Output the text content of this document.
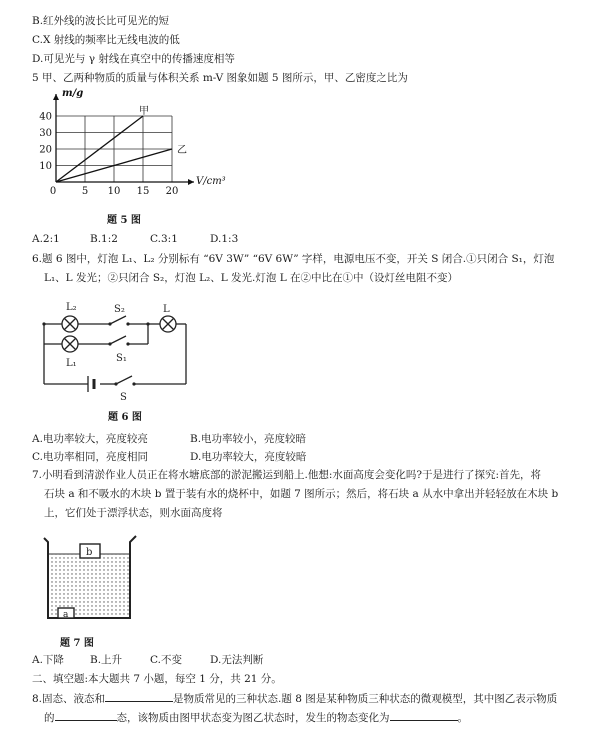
B.红外线的波长比可见光的短
C.X 射线的频率比无线电波的低
D.可见光与 γ 射线在真空中的传播速度相等
5 甲、乙两种物质的质量与体积关系 m-V 图象如题 5 图所示，甲、乙密度之比为
甲
乙
5 10 15 20
10
20
30
40
0
m/g
V/cm³
题 5 图
A.2:1	B.1:2	C.3:1	D.1:3
6.题 6 图中，灯泡 L₁、L₂ 分别标有 “6V 3W” “6V 6W” 字样，电源电压不变，开关 S 闭合.①只闭合 S₁，灯泡
L₁、L 发光；②只闭合 S₂，灯泡 L₂、L 发光.灯泡 L 在②中比在①中（设灯丝电阻不变）
L₂	S₂	L
L₁	S₁
S
题 6 图
A.电功率较大，亮度较亮	B.电功率较小，亮度较暗
C.电功率相同，亮度相同	D.电功率较大，亮度较暗
7.小明看到清淤作业人员正在将水塘底部的淤泥搬运到船上.他想:水面高度会变化吗?于是进行了探究:首先，将
石块 a 和不吸水的木块 b 置于装有水的烧杯中，如题 7 图所示；然后，将石块 a 从水中拿出并轻轻放在木块 b
上，它们处于漂浮状态，则水面高度将
b
a
题 7 图
A.下降 B.上升	C.不变	D.无法判断
二、填空题:本大题共 7 小题，每空 1 分，共 21 分。
8.固态、液态和	是物质常见的三种状态.题 8 图是某种物质三种状态的微观模型，其中图乙表示物质
的	态，该物质由图甲状态变为图乙状态时，发生的物态变化为	。
